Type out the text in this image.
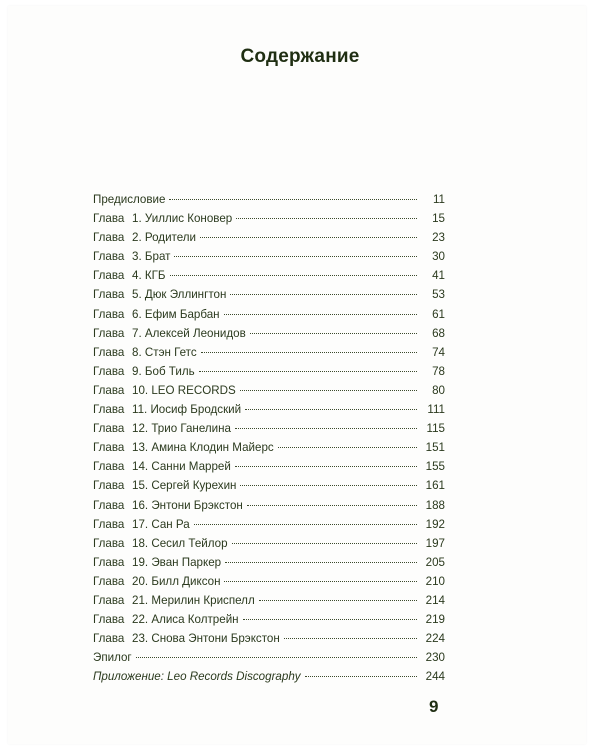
Содержание
Предисловие	11
Глава 1. Уиллис Коновер	15
Глава 2. Родители	23
Глава 3. Брат	30
Глава 4. КГБ	41
Глава 5. Дюк Эллингтон	53
Глава 6. Ефим Барбан	61
Глава 7. Алексей Леонидов	68
Глава 8. Стэн Гетс	74
Глава 9. Боб Тиль	78
Глава 10. LEO RECORDS	80
Глава 11. Иосиф Бродский	111
Глава 12. Трио Ганелина	115
Глава 13. Амина Клодин Майерс	151
Глава 14. Санни Маррей	155
Глава 15. Сергей Курехин	161
Глава 16. Энтони Брэкстон	188
Глава 17. Сан Ра	192
Глава 18. Сесил Тейлор	197
Глава 19. Эван Паркер	205
Глава 20. Билл Диксон	210
Глава 21. Мерилин Криспелл	214
Глава 22. Алиса Колтрейн	219
Глава 23. Снова Энтони Брэкстон	224
Эпилог	230
Приложение: Leo Records Discography	244
9
